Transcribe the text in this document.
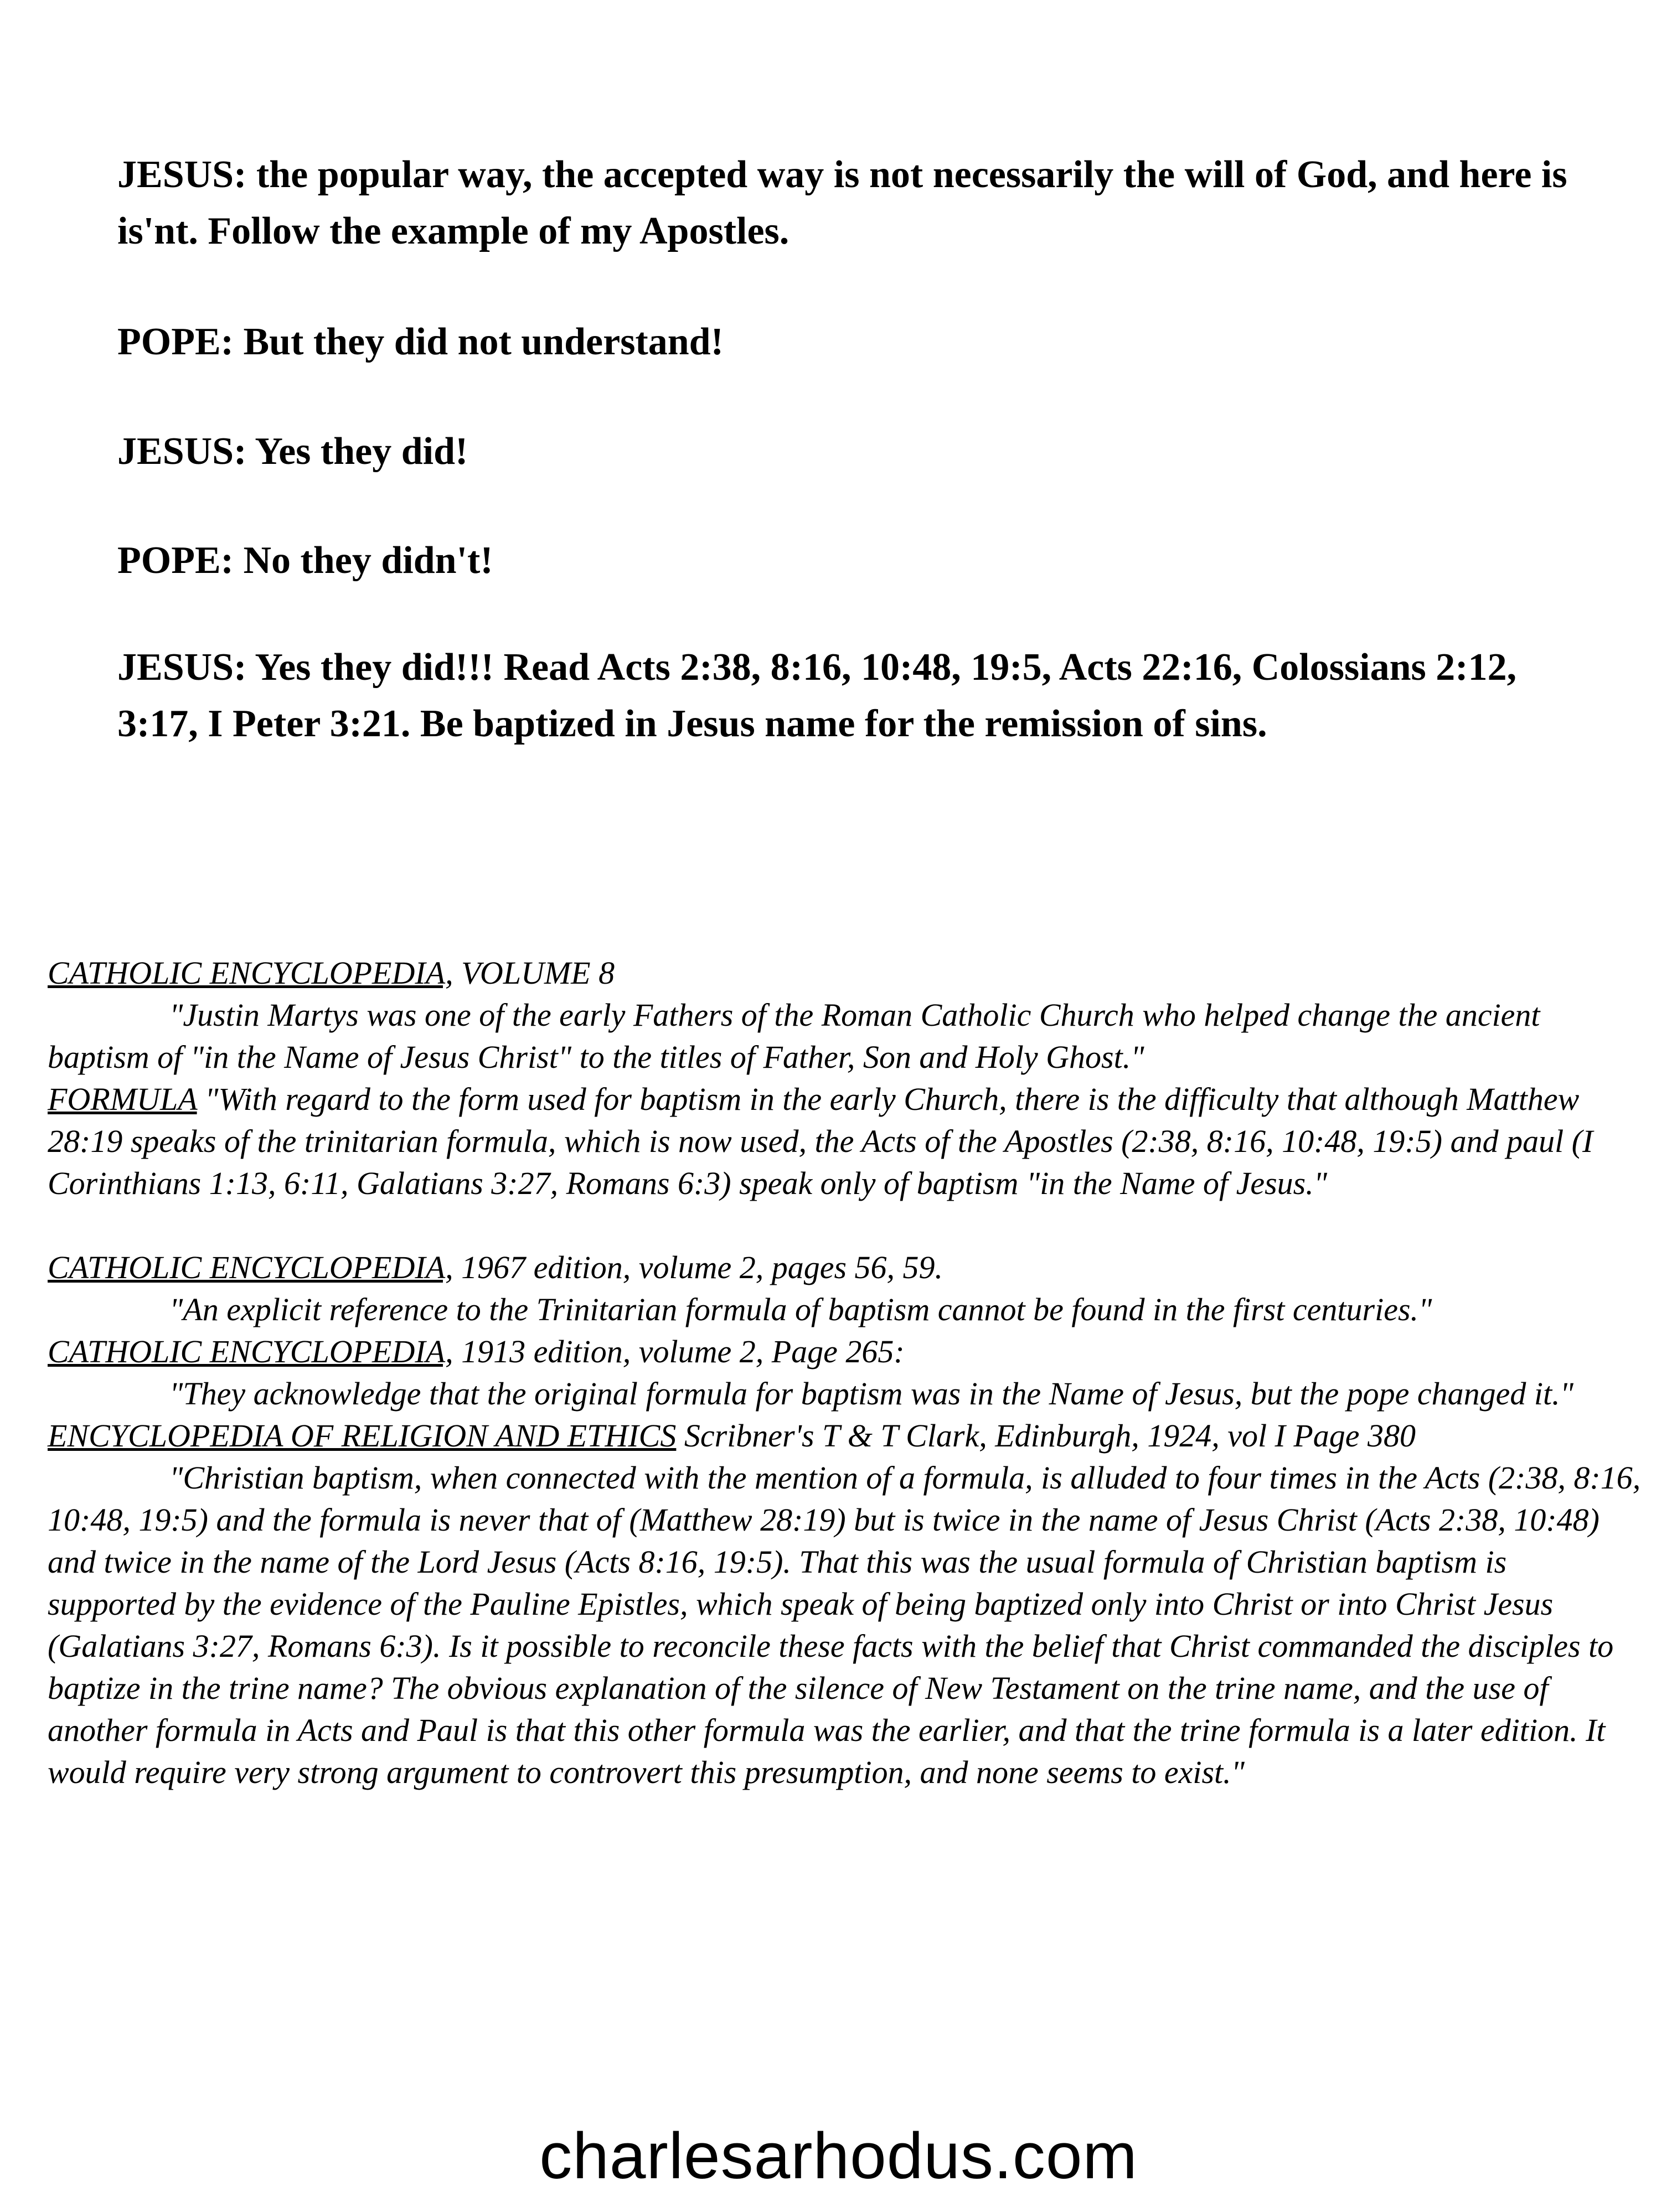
JESUS: the popular way, the accepted way is not necessarily the will of God, and here is is'nt. Follow the example of my Apostles.

POPE: But they did not understand!

JESUS: Yes they did!

POPE: No they didn't!

JESUS: Yes they did!!! Read Acts 2:38, 8:16, 10:48, 19:5, Acts 22:16, Colossians 2:12, 3:17, I Peter 3:21. Be baptized in Jesus name for the remission of sins.

CATHOLIC ENCYCLOPEDIA, VOLUME 8

"Justin Martys was one of the early Fathers of the Roman Catholic Church who helped change the ancient baptism of "in the Name of Jesus Christ" to the titles of Father, Son and Holy Ghost."

FORMULA "With regard to the form used for baptism in the early Church, there is the difficulty that although Matthew 28:19 speaks of the trinitarian formula, which is now used, the Acts of the Apostles (2:38, 8:16, 10:48, 19:5) and paul (I Corinthians 1:13, 6:11, Galatians 3:27, Romans 6:3) speak only of baptism "in the Name of Jesus."

CATHOLIC ENCYCLOPEDIA, 1967 edition, volume 2, pages 56, 59.

"An explicit reference to the Trinitarian formula of baptism cannot be found in the first centuries."

CATHOLIC ENCYCLOPEDIA, 1913 edition, volume 2, Page 265:

"They acknowledge that the original formula for baptism was in the Name of Jesus, but the pope changed it."

ENCYCLOPEDIA OF RELIGION AND ETHICS Scribner's T & T Clark, Edinburgh, 1924, vol I Page 380

"Christian baptism, when connected with the mention of a formula, is alluded to four times in the Acts (2:38, 8:16, 10:48, 19:5) and the formula is never that of (Matthew 28:19) but is twice in the name of Jesus Christ (Acts 2:38, 10:48) and twice in the name of the Lord Jesus (Acts 8:16, 19:5). That this was the usual formula of Christian baptism is supported by the evidence of the Pauline Epistles, which speak of being baptized only into Christ or into Christ Jesus (Galatians 3:27, Romans 6:3). Is it possible to reconcile these facts with the belief that Christ commanded the disciples to baptize in the trine name? The obvious explanation of the silence of New Testament on the trine name, and the use of another formula in Acts and Paul is that this other formula was the earlier, and that the trine formula is a later edition. It would require very strong argument to controvert this presumption, and none seems to exist."

charlesarhodus.com
